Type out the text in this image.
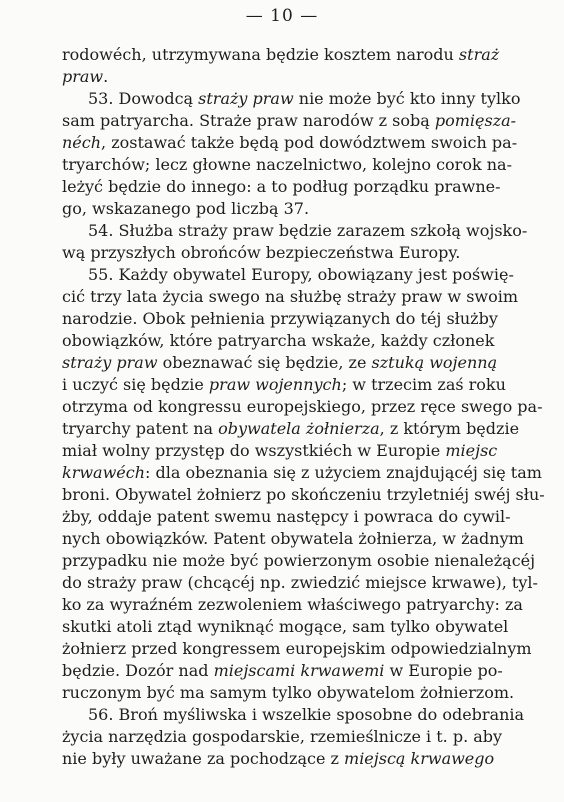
— 10 —
rodowéch, utrzymywana będzie kosztem narodu straż
praw.
53. Dowodcą straży praw nie może być kto inny tylko
sam patryarcha. Straże praw narodów z sobą pomięsza-
néch, zostawać także będą pod dowództwem swoich pa-
tryarchów; lecz głowne naczelnictwo, kolejno corok na-
leżyć będzie do innego: a to podług porządku prawne-
go, wskazanego pod liczbą 37.
54. Służba straży praw będzie zarazem szkołą wojsko-
wą przyszłych obrońców bezpieczeństwa Europy.
55. Każdy obywatel Europy, obowiązany jest poświę-
cić trzy lata życia swego na służbę straży praw w swoim
narodzie. Obok pełnienia przywiązanych do téj służby
obowiązków, które patryarcha wskaże, każdy członek
straży praw obeznawać się będzie, ze sztuką wojenną
i uczyć się będzie praw wojennych; w trzecim zaś roku
otrzyma od kongressu europejskiego, przez ręce swego pa-
tryarchy patent na obywatela żołnierza, z którym będzie
miał wolny przystęp do wszystkiéch w Europie miejsc
krwawéch: dla obeznania się z użyciem znajdującéj się tam
broni. Obywatel żołnierz po skończeniu trzyletniéj swéj słu-
żby, oddaje patent swemu następcy i powraca do cywil-
nych obowiązków. Patent obywatela żołnierza, w żadnym
przypadku nie może być powierzonym osobie nienależącéj
do straży praw (chcącéj np. zwiedzić miejsce krwawe), tyl-
ko za wyraźném zezwoleniem właściwego patryarchy: za
skutki atoli ztąd wyniknąć mogące, sam tylko obywatel
żołnierz przed kongressem europejskim odpowiedzialnym
będzie. Dozór nad miejscami krwawemi w Europie po-
ruczonym być ma samym tylko obywatelom żołnierzom.
56. Broń myśliwska i wszelkie sposobne do odebrania
życia narzędzia gospodarskie, rzemieślnicze i t. p. aby
nie były uważane za pochodzące z miejscą krwawego
